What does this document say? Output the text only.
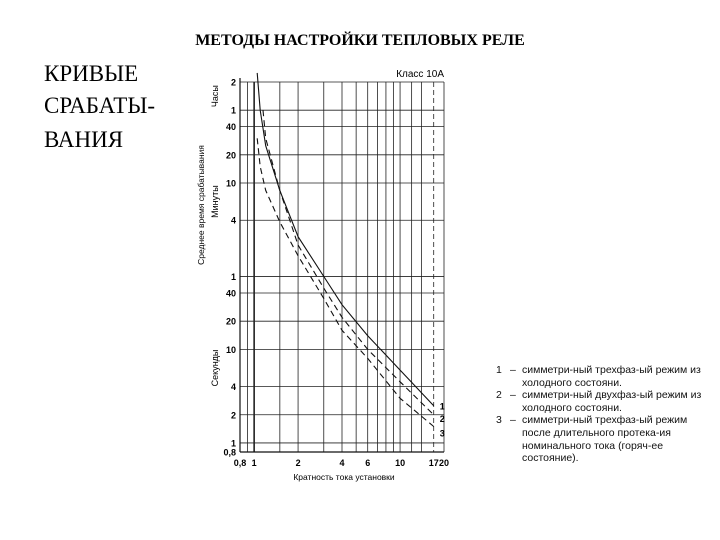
МЕТОДЫ НАСТРОЙКИ ТЕПЛОВЫХ РЕЛЕ
КРИВЫЕ
СРАБАТЫ-
ВАНИЯ
1
2
3
2
1
40
20
10
4
1
40
20
10
4
2
1
0,8
Часы
Минуты
Секунды
0,8 1	2	4 6	10	17 20
Класс 10А
Кратность тока установки
Среднее время срабатывания
1 – симметри-ный трехфаз-ый режим из холодного состояни.
2 – симметри-ный двухфаз-ый режим из холодного состояни.
3 – симметри-ный трехфаз-ый режим после длительного протека-ия номинального тока (горяч-ее состояние).
